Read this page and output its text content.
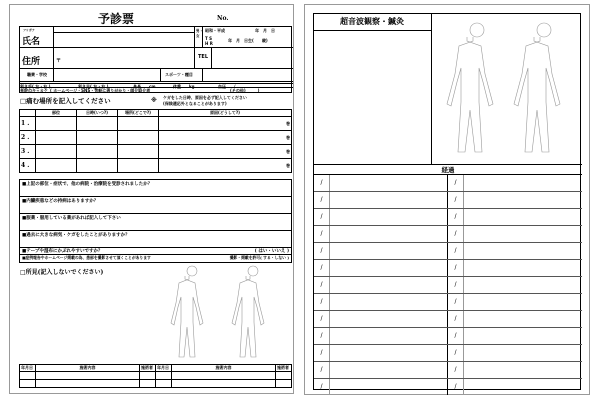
予診票	No.
フリガナ
氏名
男・女
昭和・平成	年　月　日
T S H R
年　月　日生(　　歳)
住所	〒
TEL
職業・学校	スポーツ・種目
利き手( 左・右 )	利き足( 左・右 )	身長　　cm	体重　　kg	血圧　　/
来院のキッカケ ( ホームページ・SNS・気軽に通りがかり・師介紹介者	(その他)　　　)
□痛む場所を記入してください	※ ケガをした日時、原因を必ず記入してください
(保険適応外となることがあります)
	部位	日時(いつ?)	場所(どこで?)	原因(どうして?)
1 .				巻
2 .				巻
3 .				巻
4 .				巻
■上記の部位・症状で、他の病院・治療院を受診されましたか？
■内臓疾患などの持病はありますか？
■服薬・服用している薬があれば記入して下さい
■過去に大きな病気・ケガをしたことがありますか？
■テープや湿布にかぶれやすいですか？	( はい・いいえ )
■症例報告やホームページ掲載の為、患部を撮影させて頂くことがあります	撮影・掲載を許可( する・しない )
□所見(記入しないでください)
年月日	施術内容	施術者	年月日	施術内容	施術者

超音波観察・鍼灸
経過
/	/
/	/
/	/
/	/
/	/
/	/
/	/
/	/
/	/
/	/
/	/
/	/
/	/
